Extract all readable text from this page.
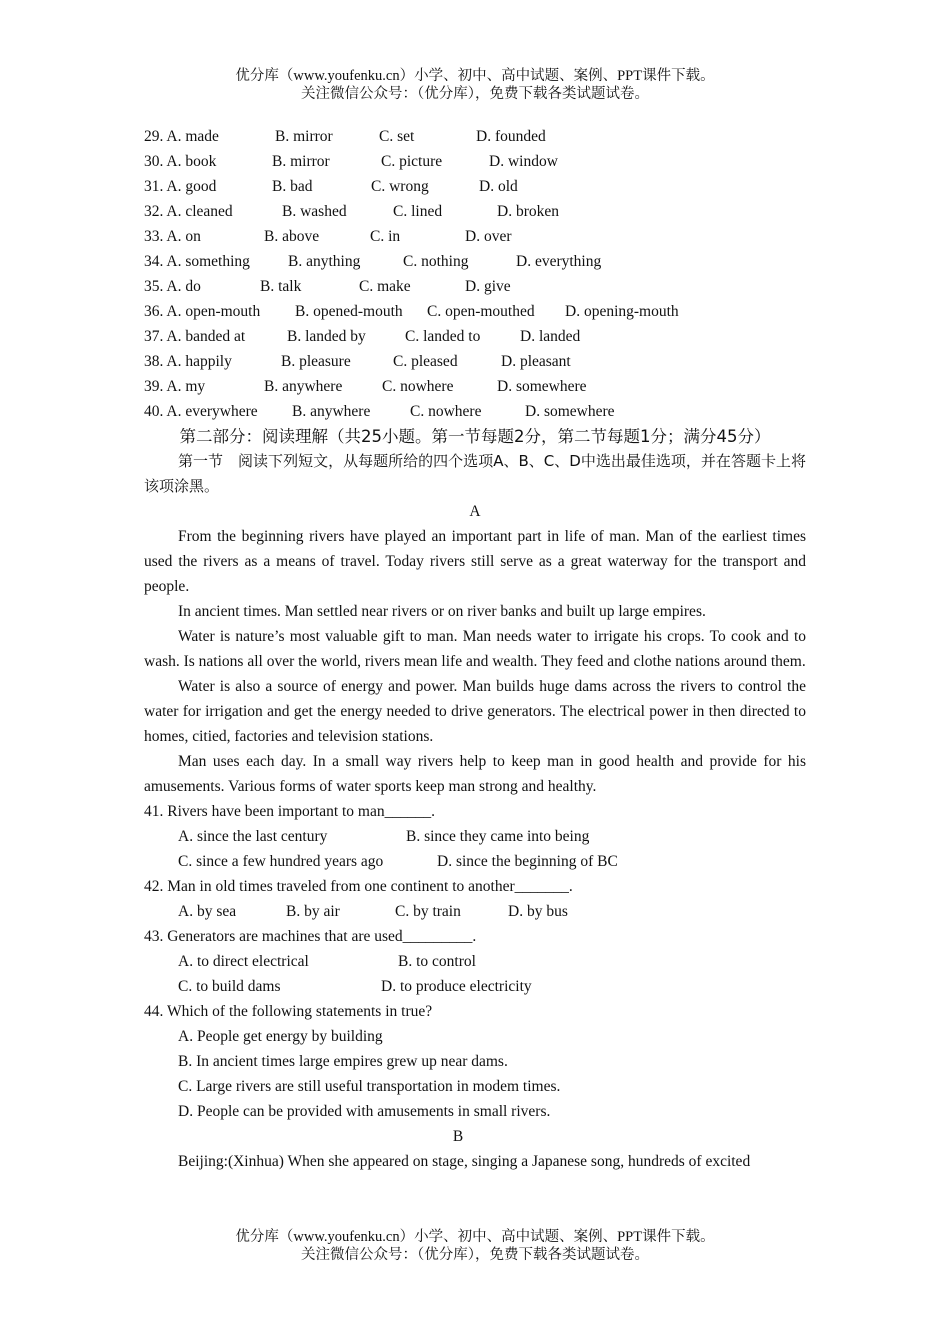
优分库（www.youfenku.cn）小学、初中、高中试题、案例、PPT课件下载。
关注微信公众号：（优分库），免费下载各类试题试卷。
29. A. made	B. mirror	C. set	D. founded
30. A. book	B. mirror	C. picture	D. window
31. A. good	B. bad	C. wrong	D. old
32. A. cleaned	B. washed	C. lined	D. broken
33. A. on	B. above	C. in	D. over
34. A. something B. anything	C. nothing	D. everything
35. A. do	B. talk	C. make	D. give
36. A. open-mouth B. opened-mouth C. open-mouthed D. opening-mouth
37. A. banded at	B. landed by	C. landed to	D. landed
38. A. happily	B. pleasure	C. pleased	D. pleasant
39. A. my	B. anywhere	C. nowhere	D. somewhere
40. A. everywhere B. anywhere	C. nowhere	D. somewhere
第二部分：阅读理解（共25小题。第一节每题2分，第二节每题1分；满分45分）
第一节　阅读下列短文，从每题所给的四个选项A、B、C、D中选出最佳选项，并在答题卡上将该项涂黑。
A
From the beginning rivers have played an important part in life of man. Man of the earliest times used the rivers as a means of travel. Today rivers still serve as a great waterway for the transport and people.
In ancient times. Man settled near rivers or on river banks and built up large empires.
Water is nature’s most valuable gift to man. Man needs water to irrigate his crops. To cook and to wash. Is nations all over the world, rivers mean life and wealth. They feed and clothe nations around them.
Water is also a source of energy and power. Man builds huge dams across the rivers to control the water for irrigation and get the energy needed to drive generators. The electrical power in then directed to homes, citied, factories and television stations.
Man uses each day. In a small way rivers help to keep man in good health and provide for his amusements. Various forms of water sports keep man strong and healthy.
41. Rivers have been important to man______.
A. since the last century	B. since they came into being
C. since a few hundred years ago	D. since the beginning of BC
42. Man in old times traveled from one continent to another_______.
A. by sea	B. by air	C. by train	D. by bus
43. Generators are machines that are used_________.
A. to direct electrical	B. to control
C. to build dams	D. to produce electricity
44. Which of the following statements in true?
A. People get energy by building
B. In ancient times large empires grew up near dams.
C. Large rivers are still useful transportation in modem times.
D. People can be provided with amusements in small rivers.
B
Beijing:(Xinhua) When she appeared on stage, singing a Japanese song, hundreds of excited
优分库（www.youfenku.cn）小学、初中、高中试题、案例、PPT课件下载。
关注微信公众号：（优分库），免费下载各类试题试卷。
